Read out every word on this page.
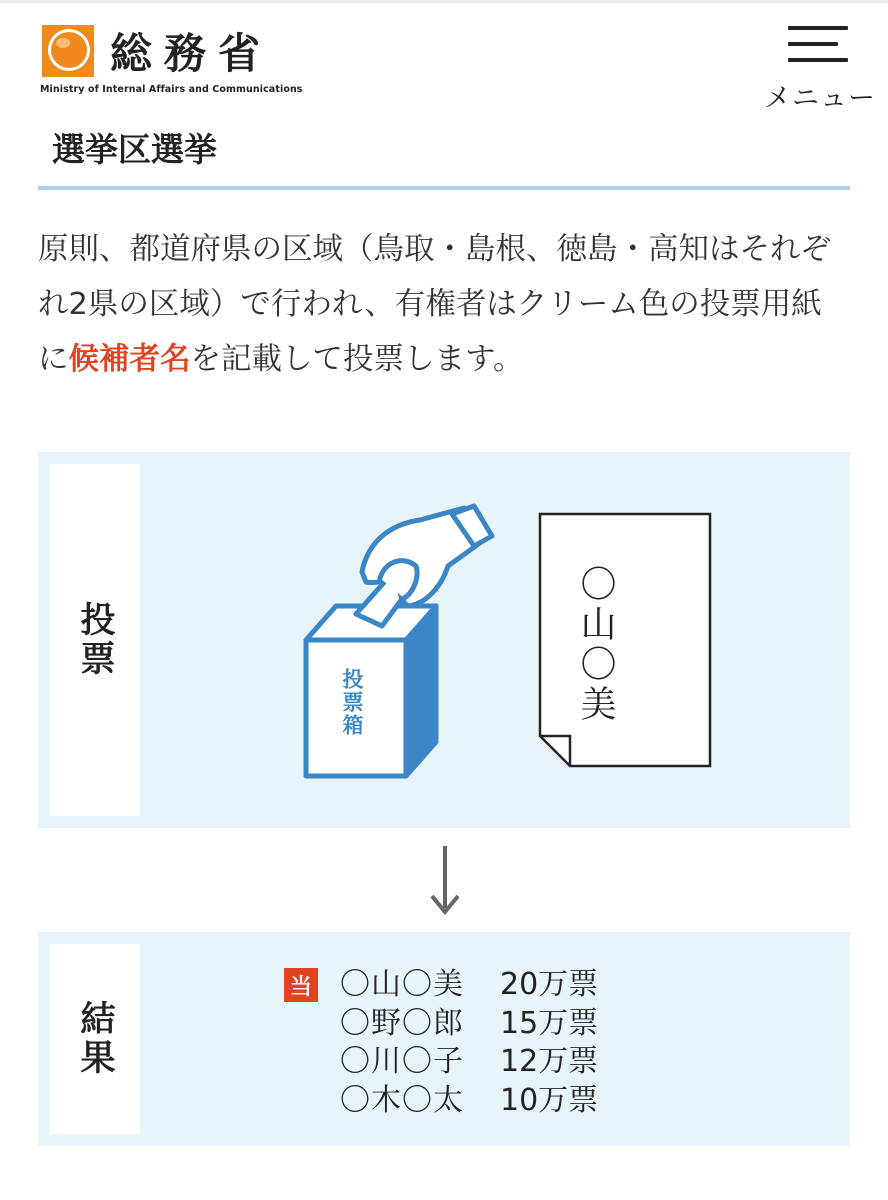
総務省
Ministry of Internal Affairs and Communications	メニュー
選挙区選挙

原則、都道府県の区域（鳥取・島根、徳島・高知はそれぞれ2県の区域）で行われ、有権者はクリーム色の投票用紙に候補者名を記載して投票します。

投票
投票箱	〇山〇美
結果
当 〇山〇美	20万票
〇野〇郎	15万票
〇川〇子	12万票
〇木〇太	10万票
